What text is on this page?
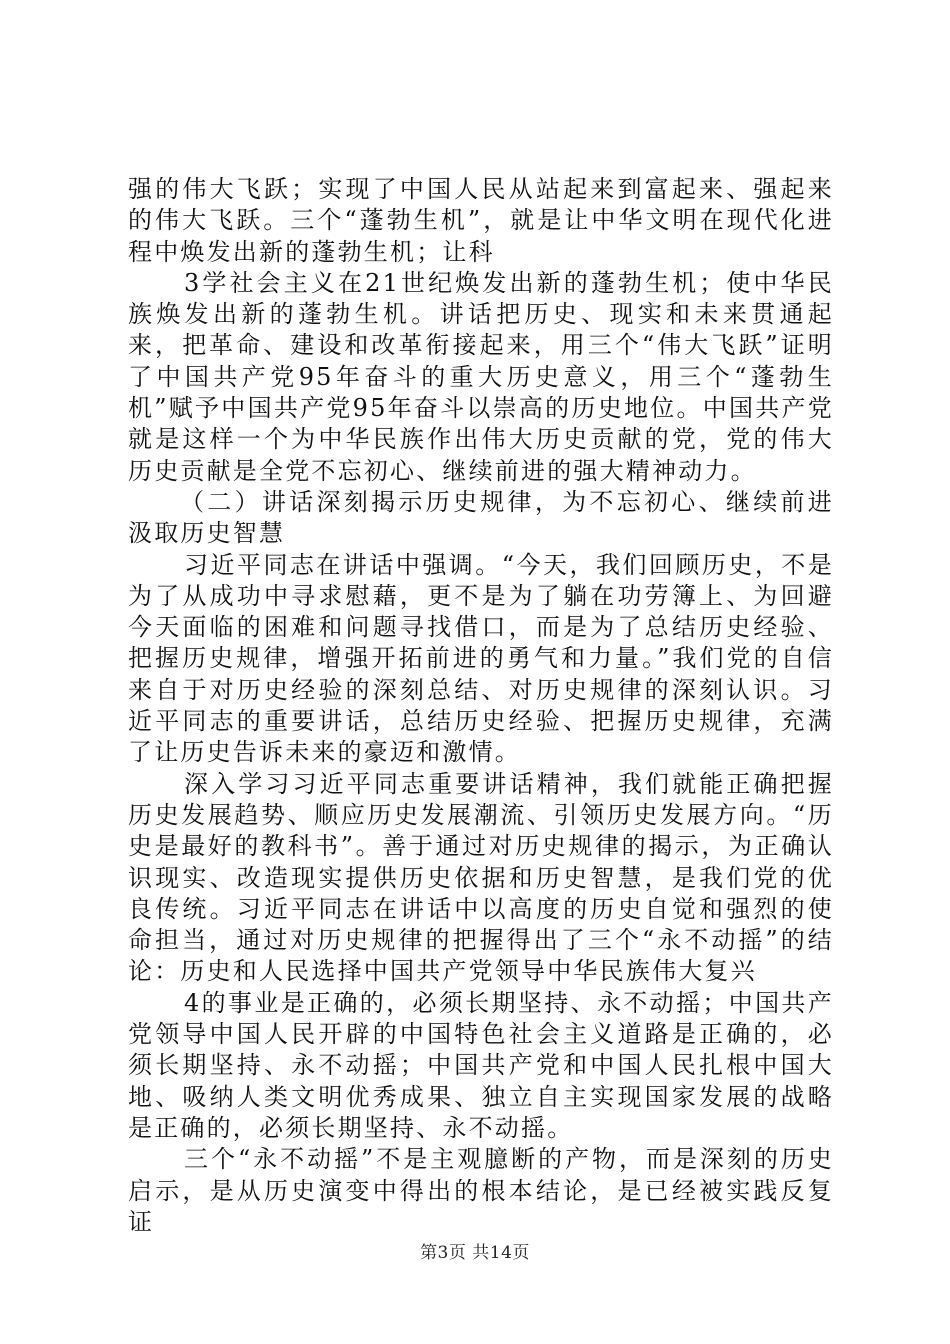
强的伟大飞跃；实现了中国人民从站起来到富起来、强起来的伟大飞跃。三个“蓬勃生机”，就是让中华文明在现代化进程中焕发出新的蓬勃生机；让科

3学社会主义在21世纪焕发出新的蓬勃生机；使中华民族焕发出新的蓬勃生机。讲话把历史、现实和未来贯通起来，把革命、建设和改革衔接起来，用三个“伟大飞跃”证明了中国共产党95年奋斗的重大历史意义，用三个“蓬勃生机”赋予中国共产党95年奋斗以崇高的历史地位。中国共产党就是这样一个为中华民族作出伟大历史贡献的党，党的伟大历史贡献是全党不忘初心、继续前进的强大精神动力。

（二）讲话深刻揭示历史规律，为不忘初心、继续前进汲取历史智慧

习近平同志在讲话中强调。“今天，我们回顾历史，不是为了从成功中寻求慰藉，更不是为了躺在功劳簿上、为回避今天面临的困难和问题寻找借口，而是为了总结历史经验、把握历史规律，增强开拓前进的勇气和力量。”我们党的自信来自于对历史经验的深刻总结、对历史规律的深刻认识。习近平同志的重要讲话，总结历史经验、把握历史规律，充满了让历史告诉未来的豪迈和激情。

深入学习习近平同志重要讲话精神，我们就能正确把握历史发展趋势、顺应历史发展潮流、引领历史发展方向。“历史是最好的教科书”。善于通过对历史规律的揭示，为正确认识现实、改造现实提供历史依据和历史智慧，是我们党的优良传统。习近平同志在讲话中以高度的历史自觉和强烈的使命担当，通过对历史规律的把握得出了三个“永不动摇”的结论：历史和人民选择中国共产党领导中华民族伟大复兴

4的事业是正确的，必须长期坚持、永不动摇；中国共产党领导中国人民开辟的中国特色社会主义道路是正确的，必须长期坚持、永不动摇；中国共产党和中国人民扎根中国大地、吸纳人类文明优秀成果、独立自主实现国家发展的战略是正确的，必须长期坚持、永不动摇。

三个“永不动摇”不是主观臆断的产物，而是深刻的历史启示，是从历史演变中得出的根本结论，是已经被实践反复证

第3页 共14页
